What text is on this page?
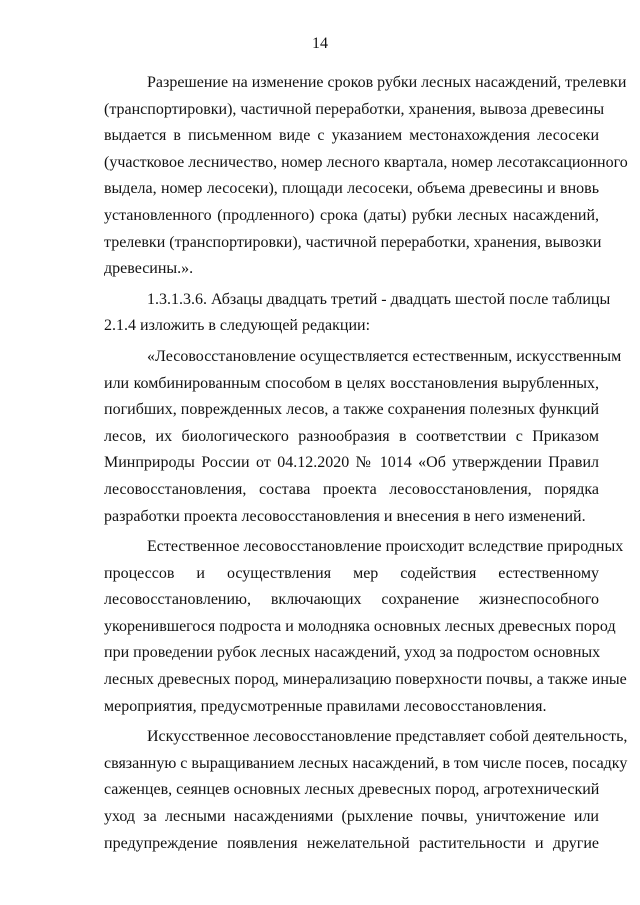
14
Разрешение на изменение сроков рубки лесных насаждений, трелевки
(транспортировки), частичной переработки, хранения, вывоза древесины
выдается в письменном виде с указанием местонахождения лесосеки
(участковое лесничество, номер лесного квартала, номер лесотаксационного
выдела, номер лесосеки), площади лесосеки, объема древесины и вновь
установленного (продленного) срока (даты) рубки лесных насаждений,
трелевки (транспортировки), частичной переработки, хранения, вывозки
древесины.».
1.3.1.3.6. Абзацы двадцать третий - двадцать шестой после таблицы
2.1.4 изложить в следующей редакции:
«Лесовосстановление осуществляется естественным, искусственным
или комбинированным способом в целях восстановления вырубленных,
погибших, поврежденных лесов, а также сохранения полезных функций
лесов, их биологического разнообразия в соответствии с Приказом
Минприроды России от 04.12.2020 № 1014 «Об утверждении Правил
лесовосстановления, состава проекта лесовосстановления, порядка
разработки проекта лесовосстановления и внесения в него изменений.
Естественное лесовосстановление происходит вследствие природных
процессов и осуществления мер содействия естественному
лесовосстановлению, включающих сохранение жизнеспособного
укоренившегося подроста и молодняка основных лесных древесных пород
при проведении рубок лесных насаждений, уход за подростом основных
лесных древесных пород, минерализацию поверхности почвы, а также иные
мероприятия, предусмотренные правилами лесовосстановления.
Искусственное лесовосстановление представляет собой деятельность,
связанную с выращиванием лесных насаждений, в том числе посев, посадку
саженцев, сеянцев основных лесных древесных пород, агротехнический
уход за лесными насаждениями (рыхление почвы, уничтожение или
предупреждение появления нежелательной растительности и другие
